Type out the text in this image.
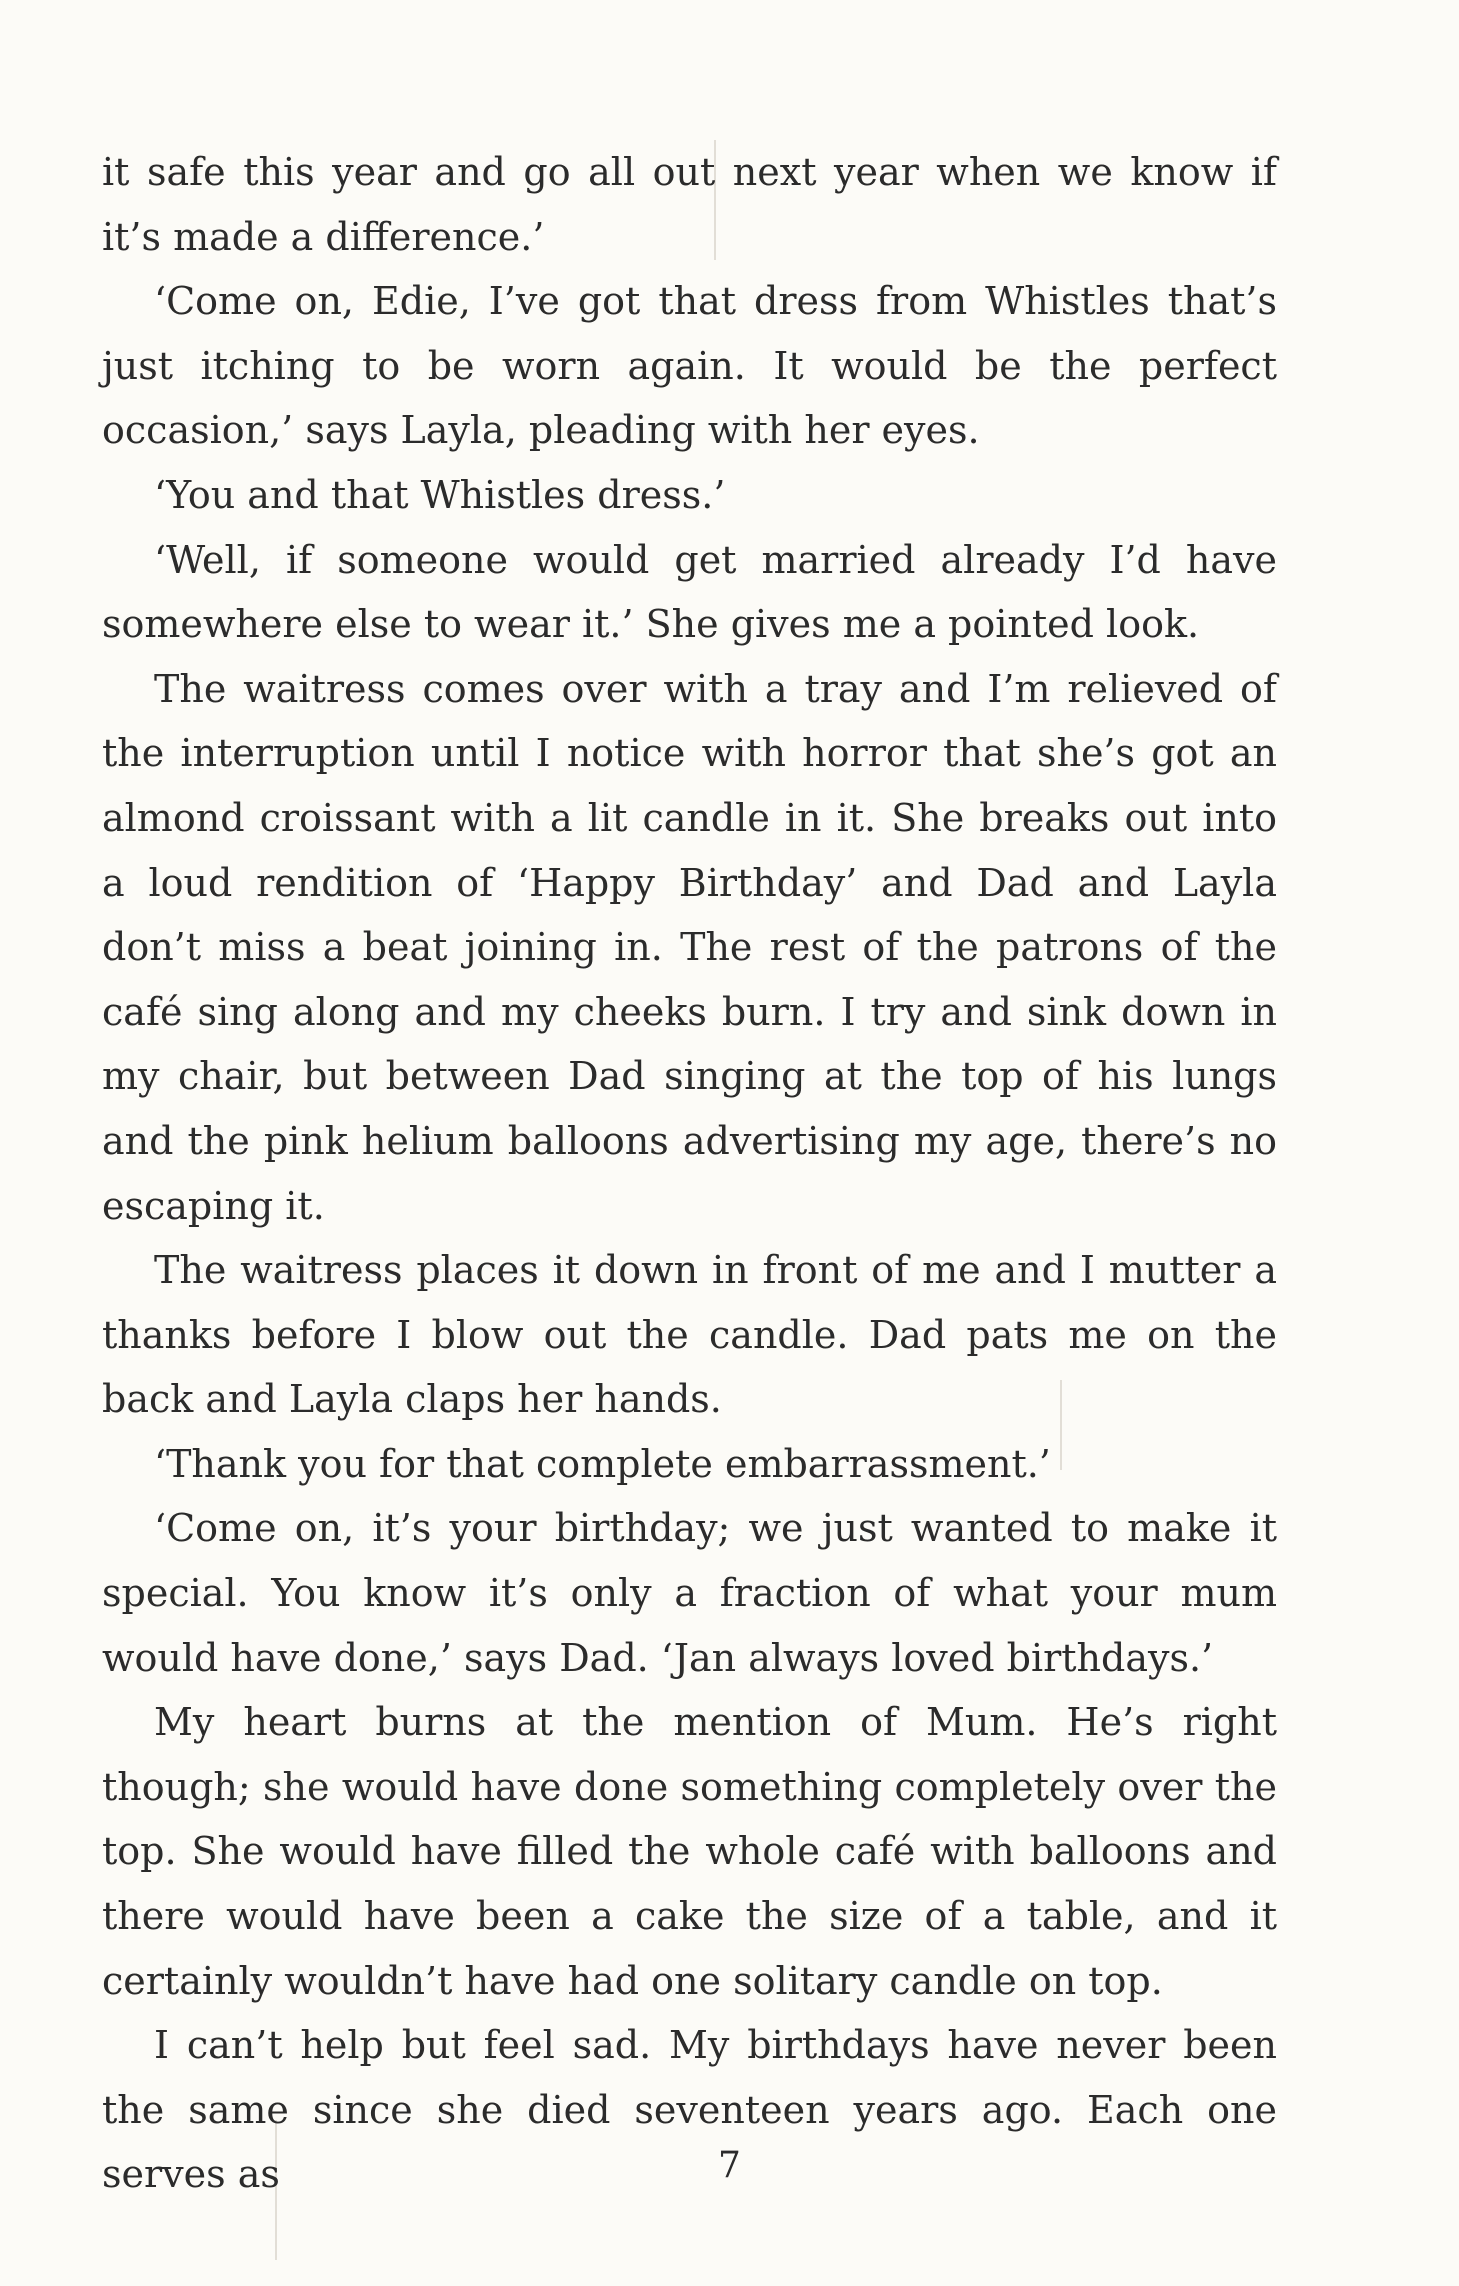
it safe this year and go all out next year when we know if it’s made a difference.’

‘Come on, Edie, I’ve got that dress from Whistles that’s just itching to be worn again. It would be the perfect occasion,’ says Layla, pleading with her eyes.

‘You and that Whistles dress.’

‘Well, if someone would get married already I’d have somewhere else to wear it.’ She gives me a pointed look.

The waitress comes over with a tray and I’m relieved of the interruption until I notice with horror that she’s got an almond croissant with a lit candle in it. She breaks out into a loud rendition of ‘Happy Birthday’ and Dad and Layla don’t miss a beat joining in. The rest of the patrons of the café sing along and my cheeks burn. I try and sink down in my chair, but between Dad singing at the top of his lungs and the pink helium balloons advertising my age, there’s no escaping it.

The waitress places it down in front of me and I mutter a thanks before I blow out the candle. Dad pats me on the back and Layla claps her hands.

‘Thank you for that complete embarrassment.’

‘Come on, it’s your birthday; we just wanted to make it special. You know it’s only a fraction of what your mum would have done,’ says Dad. ‘Jan always loved birthdays.’

My heart burns at the mention of Mum. He’s right though; she would have done something completely over the top. She would have filled the whole café with balloons and there would have been a cake the size of a table, and it certainly wouldn’t have had one solitary candle on top.

I can’t help but feel sad. My birthdays have never been the same since she died seventeen years ago. Each one serves as	7
